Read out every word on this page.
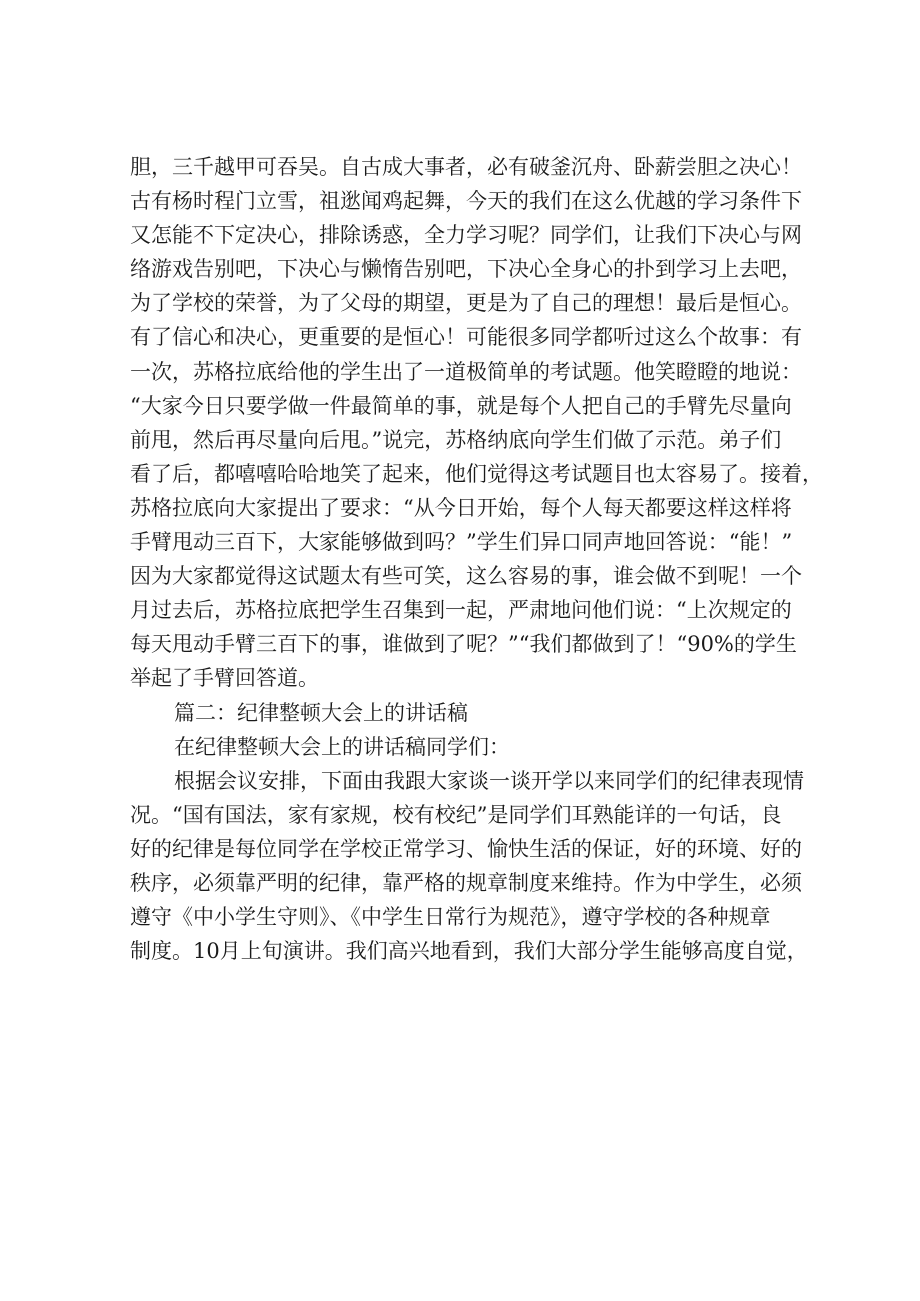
胆，三千越甲可吞吴。自古成大事者，必有破釜沉舟、卧薪尝胆之决心！
古有杨时程门立雪，祖逖闻鸡起舞，今天的我们在这么优越的学习条件下
又怎能不下定决心，排除诱惑，全力学习呢？同学们，让我们下决心与网
络游戏告别吧，下决心与懒惰告别吧，下决心全身心的扑到学习上去吧，
为了学校的荣誉，为了父母的期望，更是为了自己的理想！最后是恒心。
有了信心和决心，更重要的是恒心！可能很多同学都听过这么个故事：有
一次，苏格拉底给他的学生出了一道极简单的考试题。他笑瞪瞪的地说：
“大家今日只要学做一件最简单的事，就是每个人把自己的手臂先尽量向
前甩，然后再尽量向后甩。”说完，苏格纳底向学生们做了示范。弟子们
看了后，都嘻嘻哈哈地笑了起来，他们觉得这考试题目也太容易了。接着，
苏格拉底向大家提出了要求：“从今日开始，每个人每天都要这样这样将
手臂甩动三百下，大家能够做到吗？”学生们异口同声地回答说：“能！”
因为大家都觉得这试题太有些可笑，这么容易的事，谁会做不到呢！一个
月过去后，苏格拉底把学生召集到一起，严肃地问他们说：“上次规定的
每天甩动手臂三百下的事，谁做到了呢？”“我们都做到了！“90%的学生
举起了手臂回答道。
篇二：纪律整顿大会上的讲话稿
在纪律整顿大会上的讲话稿同学们：
根据会议安排，下面由我跟大家谈一谈开学以来同学们的纪律表现情
况。“国有国法，家有家规，校有校纪”是同学们耳熟能详的一句话，良
好的纪律是每位同学在学校正常学习、愉快生活的保证，好的环境、好的
秩序，必须靠严明的纪律，靠严格的规章制度来维持。作为中学生，必须
遵守《中小学生守则》、《中学生日常行为规范》，遵守学校的各种规章
制度。10月上旬演讲。我们高兴地看到，我们大部分学生能够高度自觉，
